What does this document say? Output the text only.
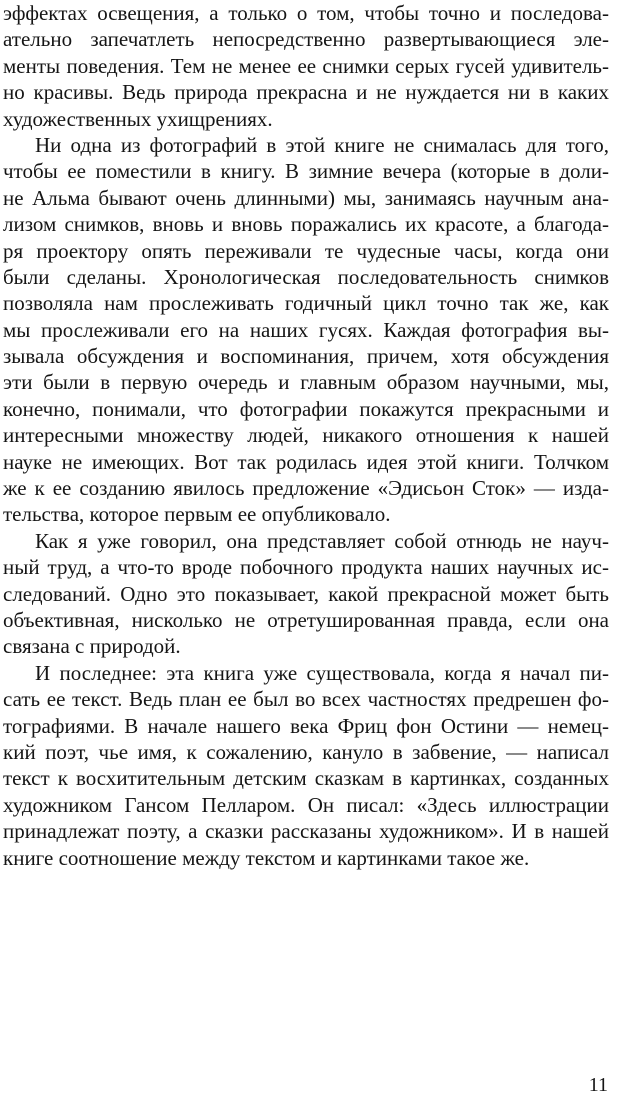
эффектах освещения, а только о том, чтобы точно и последова-
ательно запечатлеть непосредственно развертывающиеся эле-
менты поведения. Тем не менее ее снимки серых гусей удивитель-
но красивы. Ведь природа прекрасна и не нуждается ни в каких
художественных ухищрениях.
Ни одна из фотографий в этой книге не снималась для того,
чтобы ее поместили в книгу. В зимние вечера (которые в доли-
не Альма бывают очень длинными) мы, занимаясь научным ана-
лизом снимков, вновь и вновь поражались их красоте, а благода-
ря проектору опять переживали те чудесные часы, когда они
были сделаны. Хронологическая последовательность снимков
позволяла нам прослеживать годичный цикл точно так же, как
мы прослеживали его на наших гусях. Каждая фотография вы-
зывала обсуждения и воспоминания, причем, хотя обсуждения
эти были в первую очередь и главным образом научными, мы,
конечно, понимали, что фотографии покажутся прекрасными и
интересными множеству людей, никакого отношения к нашей
науке не имеющих. Вот так родилась идея этой книги. Толчком
же к ее созданию явилось предложение «Эдисьон Сток» — изда-
тельства, которое первым ее опубликовало.
Как я уже говорил, она представляет собой отнюдь не науч-
ный труд, а что-то вроде побочного продукта наших научных ис-
следований. Одно это показывает, какой прекрасной может быть
объективная, нисколько не отретушированная правда, если она
связана с природой.
И последнее: эта книга уже существовала, когда я начал пи-
сать ее текст. Ведь план ее был во всех частностях предрешен фо-
тографиями. В начале нашего века Фриц фон Остини — немец-
кий поэт, чье имя, к сожалению, кануло в забвение, — написал
текст к восхитительным детским сказкам в картинках, созданных
художником Гансом Пелларом. Он писал: «Здесь иллюстрации
принадлежат поэту, а сказки рассказаны художником». И в нашей
книге соотношение между текстом и картинками такое же.
11
